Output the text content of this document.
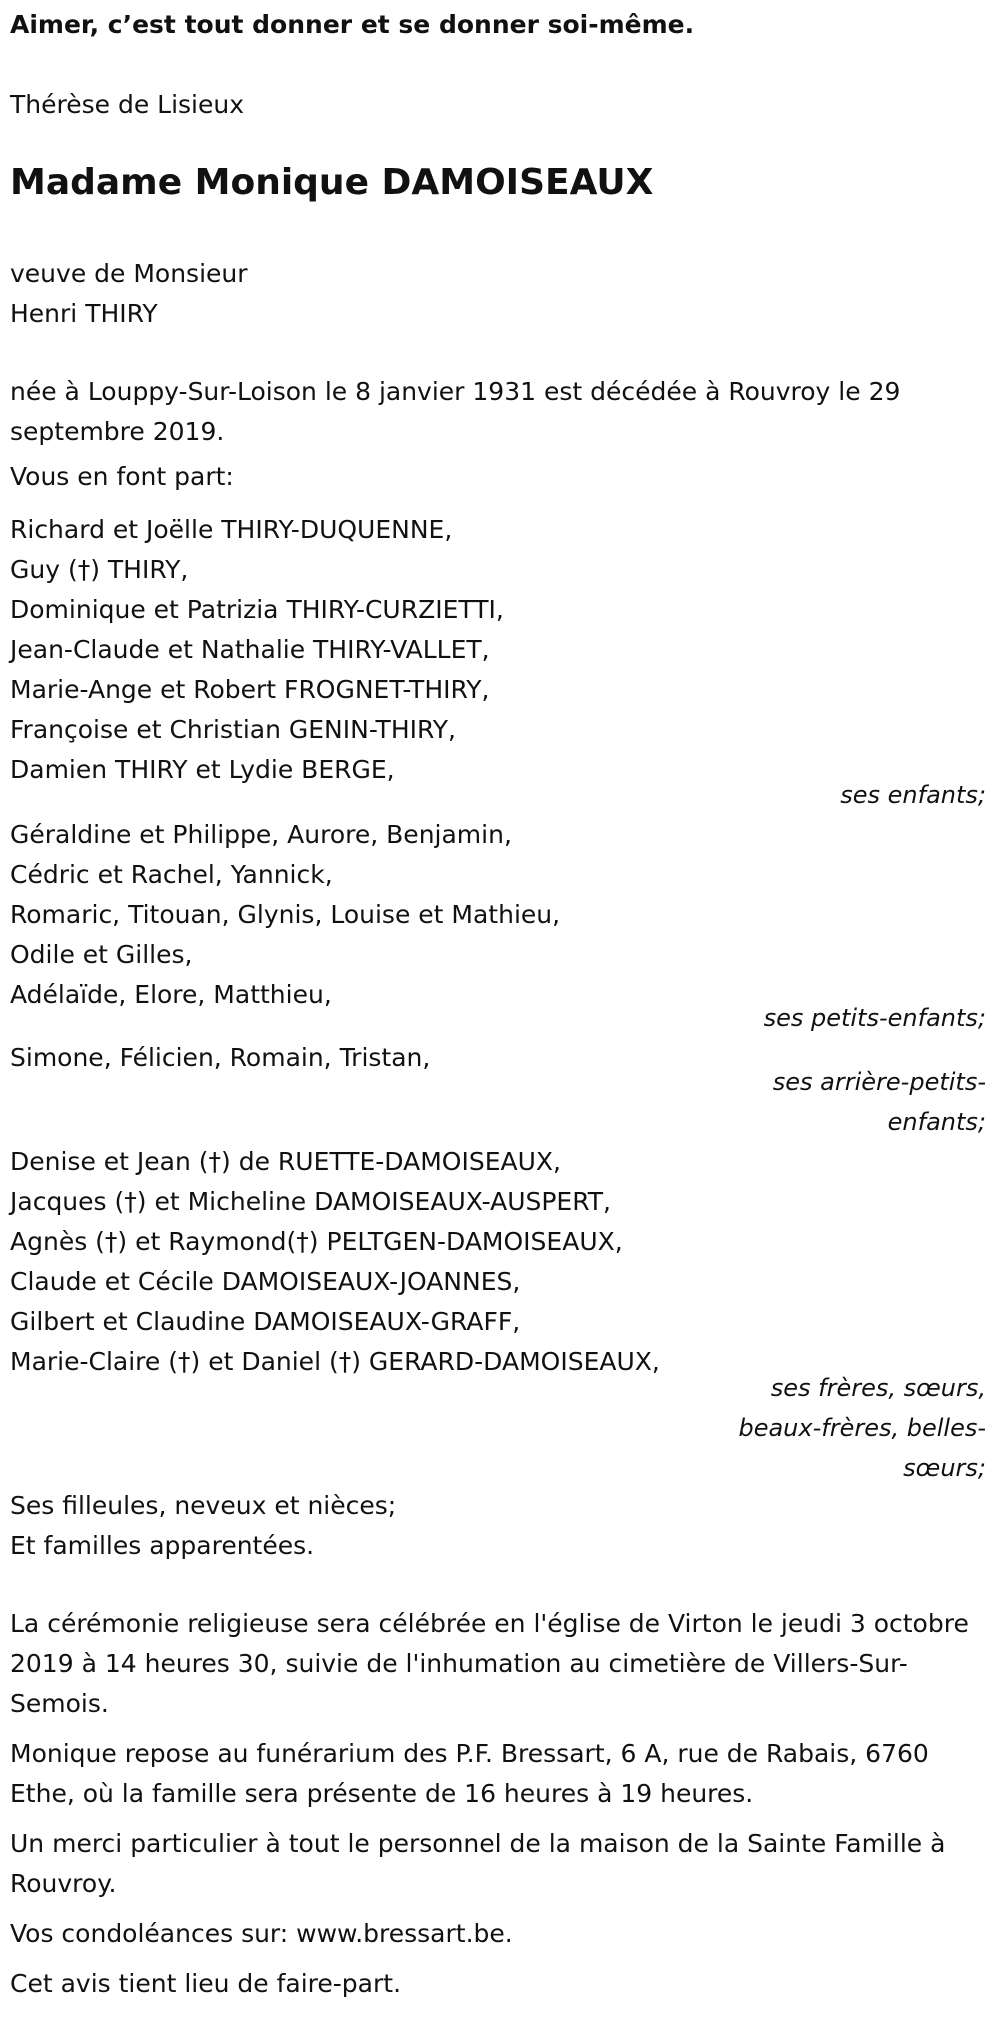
Aimer, c’est tout donner et se donner soi-même.

Thérèse de Lisieux

Madame Monique DAMOISEAUX

veuve de Monsieur
Henri THIRY

née à Louppy-Sur-Loison le 8 janvier 1931 est décédée à Rouvroy le 29 septembre 2019.

Vous en font part:

Richard et Joëlle THIRY-DUQUENNE,
Guy (†) THIRY,
Dominique et Patrizia THIRY-CURZIETTI,
Jean-Claude et Nathalie THIRY-VALLET,
Marie-Ange et Robert FROGNET-THIRY,
Françoise et Christian GENIN-THIRY,
Damien THIRY et Lydie BERGE,
ses enfants;
Géraldine et Philippe, Aurore, Benjamin,
Cédric et Rachel, Yannick,
Romaric, Titouan, Glynis, Louise et Mathieu,
Odile et Gilles,
Adélaïde, Elore, Matthieu,
ses petits-enfants;
Simone, Félicien, Romain, Tristan,
ses arrière-petits-
enfants;
Denise et Jean (†) de RUETTE-DAMOISEAUX,
Jacques (†) et Micheline DAMOISEAUX-AUSPERT,
Agnès (†) et Raymond(†) PELTGEN-DAMOISEAUX,
Claude et Cécile DAMOISEAUX-JOANNES,
Gilbert et Claudine DAMOISEAUX-GRAFF,
Marie-Claire (†) et Daniel (†) GERARD-DAMOISEAUX,
ses frères, sœurs,
beaux-frères, belles-
sœurs;

Ses filleules, neveux et nièces;
Et familles apparentées.

La cérémonie religieuse sera célébrée en l'église de Virton le jeudi 3 octobre 2019 à 14 heures 30, suivie de l'inhumation au cimetière de Villers-Sur-Semois.

Monique repose au funérarium des P.F. Bressart, 6 A, rue de Rabais, 6760 Ethe, où la famille sera présente de 16 heures à 19 heures.

Un merci particulier à tout le personnel de la maison de la Sainte Famille à Rouvroy.

Vos condoléances sur: www.bressart.be.

Cet avis tient lieu de faire-part.
